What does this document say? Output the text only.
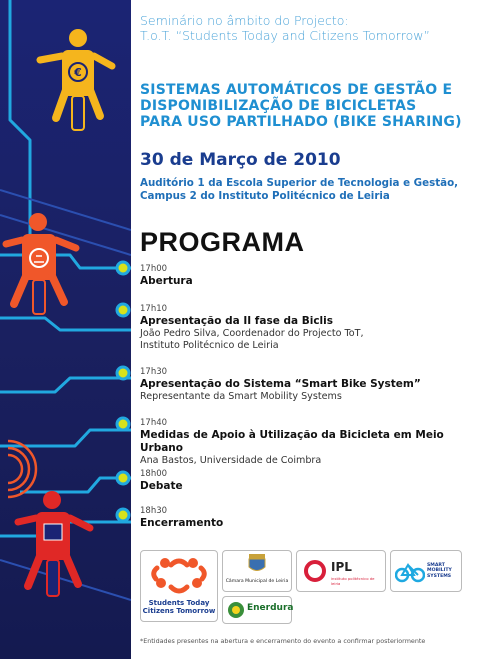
€

Seminário no âmbito do Projecto:
T.o.T. “Students Today and Citizens Tomorrow”

SISTEMAS AUTOMÁTICOS DE GESTÃO E
DISPONIBILIZAÇÃO DE BICICLETAS
PARA USO PARTILHADO (BIKE SHARING)

30 de Março de 2010

Auditório 1 da Escola Superior de Tecnologia e Gestão,
Campus 2 do Instituto Politécnico de Leiria

PROGRAMA

17h00
Abertura
17h10
Apresentação da II fase da Biclis
João Pedro Silva, Coordenador do Projecto ToT,
Instituto Politécnico de Leiria
17h30
Apresentação do Sistema “Smart Bike System”
Representante da Smart Mobility Systems
17h40
Medidas de Apoio à Utilização da Bicicleta em Meio Urbano
Ana Bastos, Universidade de Coimbra
18h00
Debate
18h30
Encerramento
Students Today
Citizens Tomorrow
Câmara Municipal de Leiria
Enerdura
IPL
instituto politécnico de leiria
SMART
MOBILITY
SYSTEMS
*Entidades presentes na abertura e encerramento do evento a confirmar posteriormente
